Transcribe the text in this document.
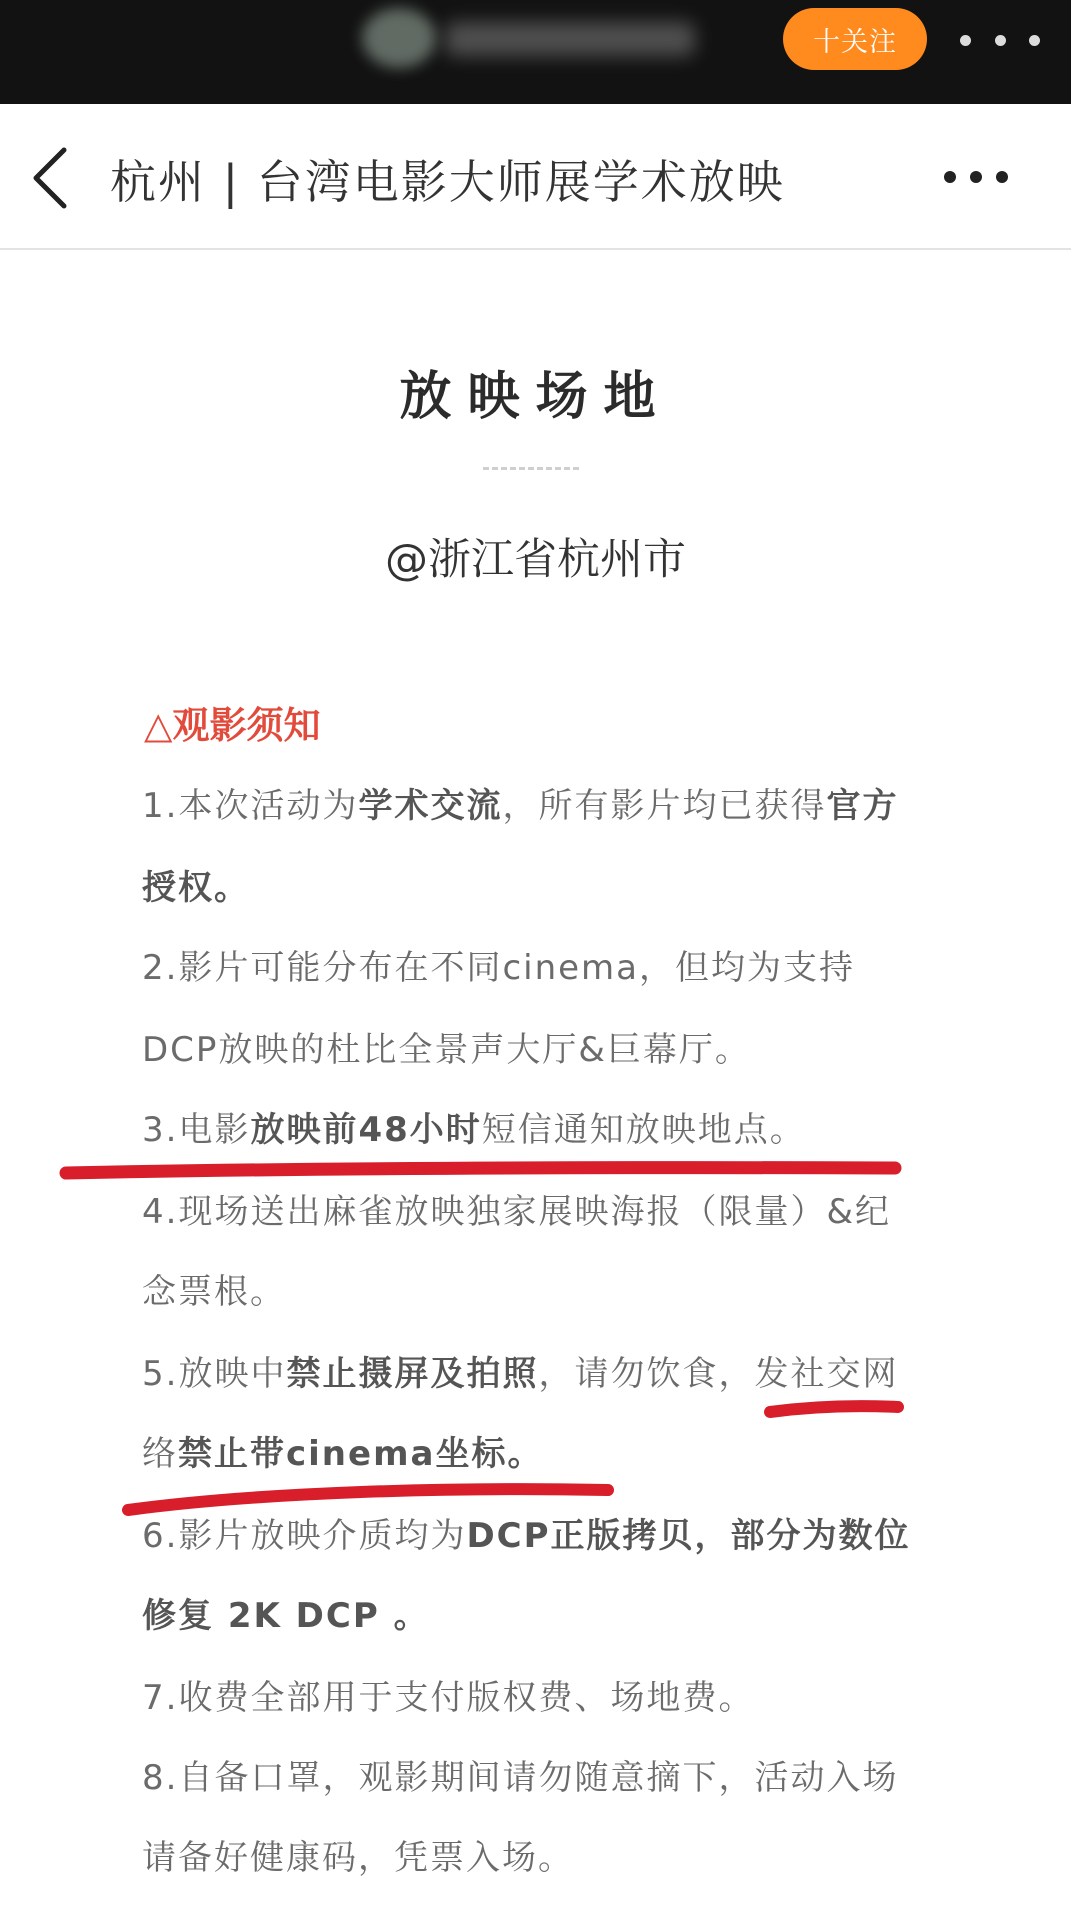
十关注
杭州 | 台湾电影大师展学术放映
放映场地
@浙江省杭州市
△观影须知
1.本次活动为学术交流，所有影片均已获得官方
授权。
2.影片可能分布在不同cinema，但均为支持
DCP放映的杜比全景声大厅&巨幕厅。
3.电影放映前48小时短信通知放映地点。
4.现场送出麻雀放映独家展映海报（限量）&纪
念票根。
5.放映中禁止摄屏及拍照，请勿饮食，发社交网
络禁止带cinema坐标。
6.影片放映介质均为DCP正版拷贝，部分为数位
修复 2K DCP 。
7.收费全部用于支付版权费、场地费。
8.自备口罩，观影期间请勿随意摘下，活动入场
请备好健康码，凭票入场。
